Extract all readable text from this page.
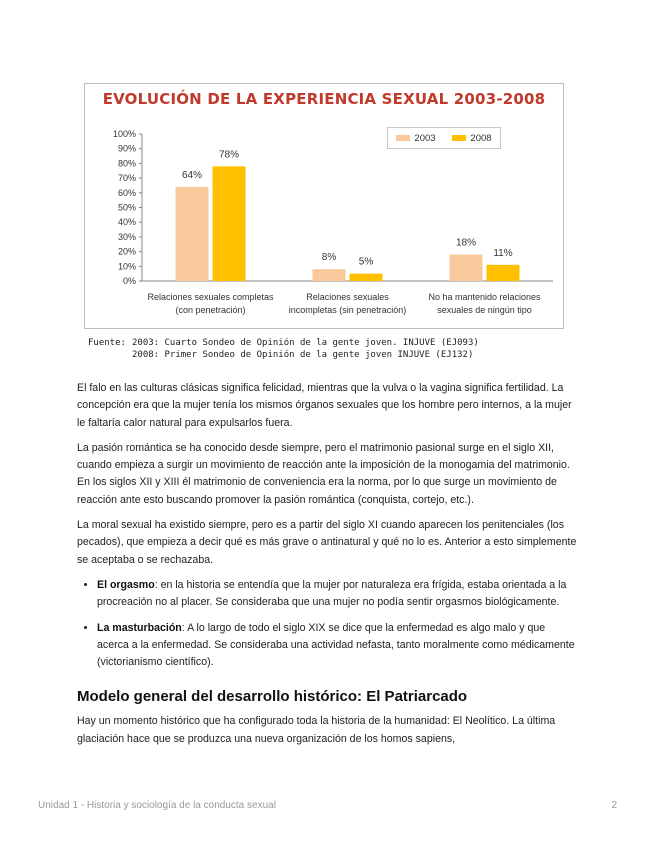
EVOLUCIÓN DE LA EXPERIENCIA SEXUAL 2003-2008
2003	2008
0%
10%
20%
30%
40%
50%
60%
70%
80%
90%
100%
64%
78%
Relaciones sexuales completas
(con penetración)
8% 5%
Relaciones sexuales
incompletas (sin penetración)
18%
11%
No ha mantenido relaciones
sexuales de ningún tipo
Fuente: 2003: Cuarto Sondeo de Opinión de la gente joven. INJUVE (EJ093)
2008: Primer Sondeo de Opinión de la gente joven INJUVE (EJ132)

El falo en las culturas clásicas significa felicidad, mientras que la vulva o la vagina significa fertilidad. La concepción era que la mujer tenía los mismos órganos sexuales que los hombre pero internos, a la mujer le faltaría calor natural para expulsarlos fuera.

La pasión romántica se ha conocido desde siempre, pero el matrimonio pasional surge en el siglo XII, cuando empieza a surgir un movimiento de reacción ante la imposición de la monogamia del matrimonio. En los siglos XII y XIII él matrimonio de conveniencia era la norma, por lo que surge un movimiento de reacción ante esto buscando promover la pasión romántica (conquista, cortejo, etc.).

La moral sexual ha existido siempre, pero es a partir del siglo XI cuando aparecen los penitenciales (los pecados), que empieza a decir qué es más grave o antinatural y qué no lo es. Anterior a esto simplemente se aceptaba o se rechazaba.

• El orgasmo: en la historia se entendía que la mujer por naturaleza era frígida, estaba orientada a la procreación no al placer. Se consideraba que una mujer no podía sentir orgasmos biológicamente.
• La masturbación: A lo largo de todo el siglo XIX se dice que la enfermedad es algo malo y que acerca a la enfermedad. Se consideraba una actividad nefasta, tanto moralmente como médicamente (victorianismo científico).
Modelo general del desarrollo histórico: El Patriarcado

Hay un momento histórico que ha configurado toda la historia de la humanidad: El Neolítico. La última glaciación hace que se produzca una nueva organización de los homos sapiens,

Unidad 1 - Historia y sociología de la conducta sexual	2
